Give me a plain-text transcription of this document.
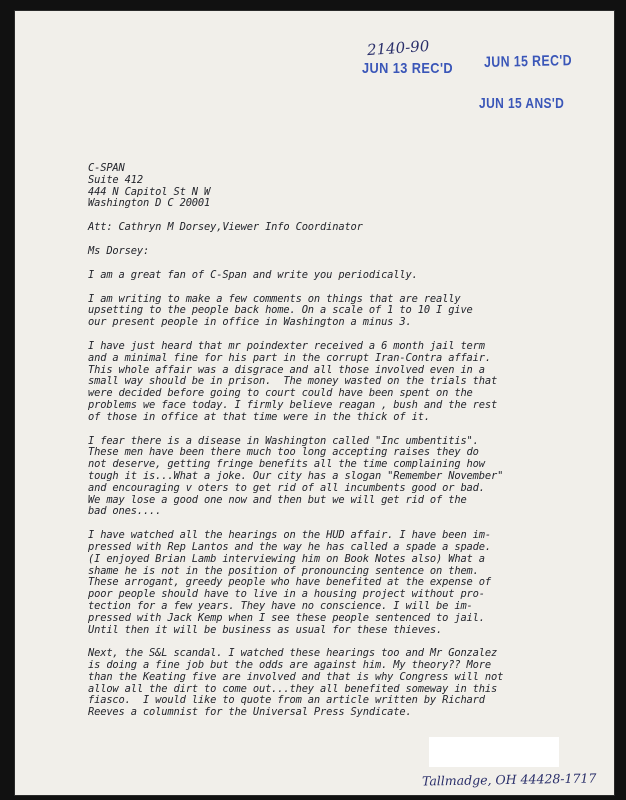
2140-90
JUN 13 REC'D JUN 15 REC'D
JUN 15 ANS'D
Tallmadge, OH 44428-1717
C-SPAN
Suite 412
444 N Capitol St N W
Washington D C 20001
Att: Cathryn M Dorsey,Viewer Info Coordinator
Ms Dorsey:
I am a great fan of C-Span and write you periodically.
I am writing to make a few comments on things that are really
upsetting to the people back home. On a scale of 1 to 10 I give
our present people in office in Washington a minus 3.
I have just heard that mr poindexter received a 6 month jail term
and a minimal fine for his part in the corrupt Iran-Contra affair.
This whole affair was a disgrace and all those involved even in a
small way should be in prison.  The money wasted on the trials that
were decided before going to court could have been spent on the
problems we face today. I firmly believe reagan , bush and the rest
of those in office at that time were in the thick of it.
I fear there is a disease in Washington called "Inc umbentitis".
These men have been there much too long accepting raises they do
not deserve, getting fringe benefits all the time complaining how
tough it is...What a joke. Our city has a slogan "Remember November"
and encouraging v oters to get rid of all incumbents good or bad.
We may lose a good one now and then but we will get rid of the
bad ones....
I have watched all the hearings on the HUD affair. I have been im-
pressed with Rep Lantos and the way he has called a spade a spade.
(I enjoyed Brian Lamb interviewing him on Book Notes also) What a
shame he is not in the position of pronouncing sentence on them.
These arrogant, greedy people who have benefited at the expense of
poor people should have to live in a housing project without pro-
tection for a few years. They have no conscience. I will be im-
pressed with Jack Kemp when I see these people sentenced to jail.
Until then it will be business as usual for these thieves.
Next, the S&L scandal. I watched these hearings too and Mr Gonzalez
is doing a fine job but the odds are against him. My theory?? More
than the Keating five are involved and that is why Congress will not
allow all the dirt to come out...they all benefited someway in this
fiasco.  I would like to quote from an article written by Richard
Reeves a columnist for the Universal Press Syndicate.
